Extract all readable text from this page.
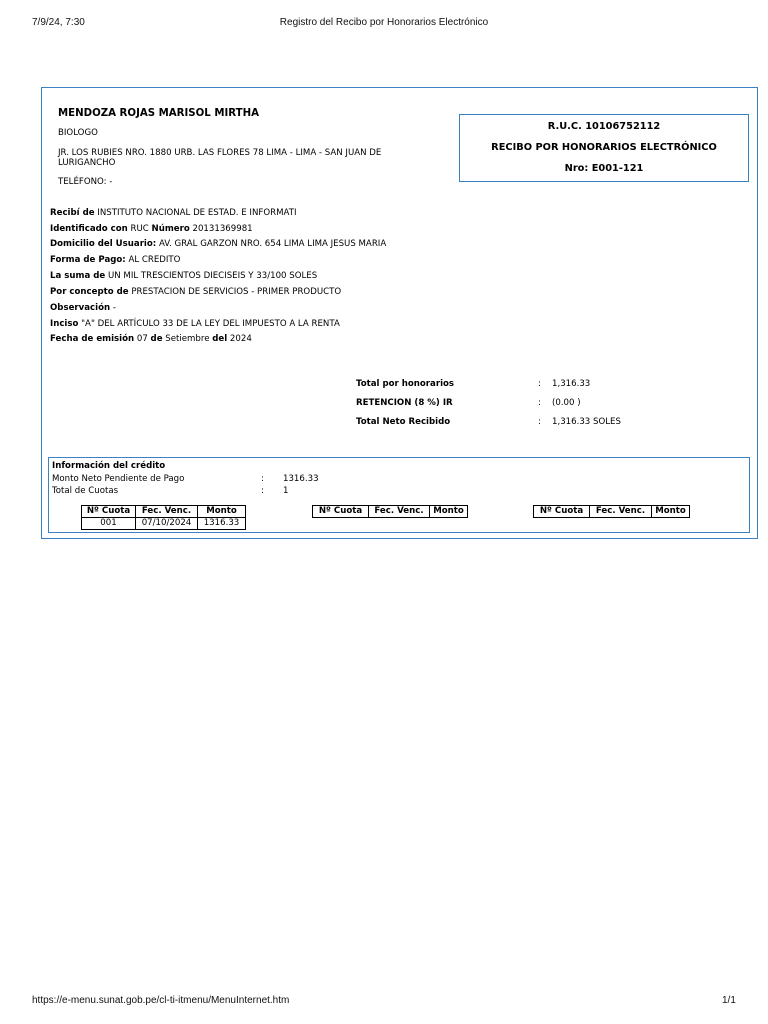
7/9/24, 7:30	Registro del Recibo por Honorarios Electrónico
MENDOZA ROJAS MARISOL MIRTHA
BIOLOGO
JR. LOS RUBIES NRO. 1880 URB. LAS FLORES 78 LIMA - LIMA - SAN JUAN DE
LURIGANCHO
TELÉFONO: -
R.U.C. 10106752112
RECIBO POR HONORARIOS ELECTRÓNICO
Nro: E001-121
Recibí de INSTITUTO NACIONAL DE ESTAD. E INFORMATI
Identificado con RUC Número 20131369981
Domicilio del Usuario: AV. GRAL GARZON NRO. 654 LIMA LIMA JESUS MARIA
Forma de Pago: AL CREDITO
La suma de UN MIL TRESCIENTOS DIECISEIS Y 33/100 SOLES
Por concepto de PRESTACION DE SERVICIOS - PRIMER PRODUCTO
Observación -
Inciso "A" DEL ARTÍCULO 33 DE LA LEY DEL IMPUESTO A LA RENTA
Fecha de emisión 07 de Setiembre del 2024
Total por honorarios	: 1,316.33
RETENCION (8 %) IR	: (0.00 )
Total Neto Recibido	: 1,316.33 SOLES
Información del crédito
Monto Neto Pendiente de Pago	: 1316.33
Total de Cuotas	: 1
Nº Cuota	Fec. Venc.	Monto
001	07/10/2024	1316.33
Nº Cuota	Fec. Venc.	Monto	Nº Cuota	Fec. Venc.	Monto
https://e-menu.sunat.gob.pe/cl-ti-itmenu/MenuInternet.htm	1/1
